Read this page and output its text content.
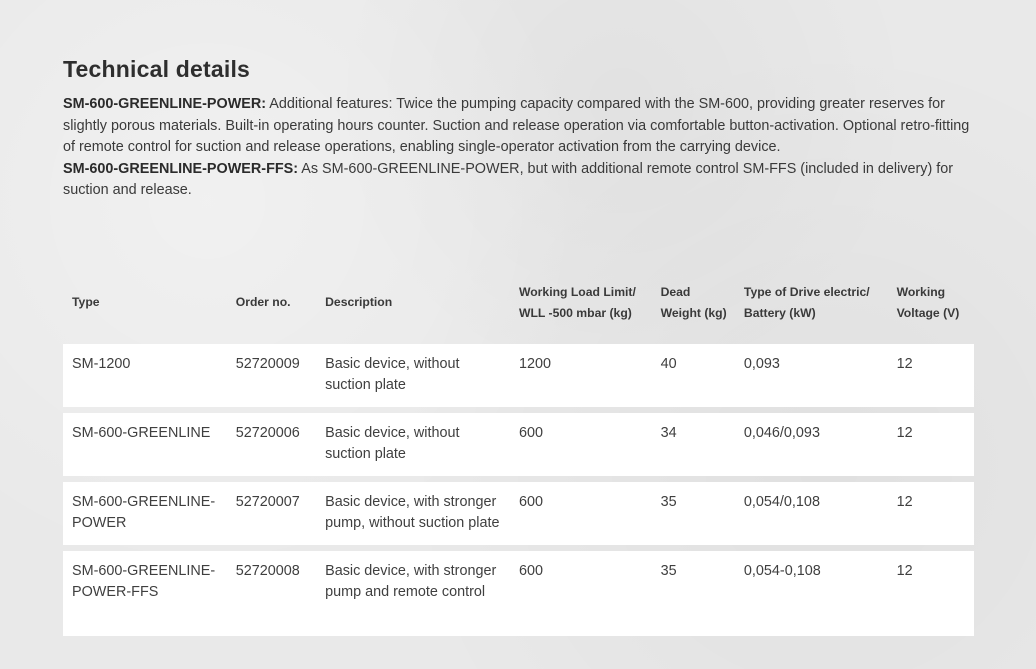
Technical details

SM-600-GREENLINE-POWER: Additional features: Twice the pumping capacity compared with the SM-600, providing greater reserves for slightly porous materials. Built-in operating hours counter. Suction and release operation via comfortable button-activation. Optional retro-fitting of remote control for suction and release operations, enabling single-operator activation from the carrying device.

SM-600-GREENLINE-POWER-FFS: As SM-600-GREENLINE-POWER, but with additional remote control SM-FFS (included in delivery) for suction and release.

Type	Order no.	Description	Working Load Limit/ WLL -500 mbar (kg)	Dead Weight (kg)	Type of Drive electric/ Battery (kW)	Working Voltage (V)
SM-1200	52720009	Basic device, without suction plate	1200	40	0,093	12
SM-600-GREENLINE	52720006	Basic device, without suction plate	600	34	0,046/0,093	12
SM-600-GREENLINE-POWER	52720007	Basic device, with stronger pump, without suction plate	600	35	0,054/0,108	12
SM-600-GREENLINE-POWER-FFS	52720008	Basic device, with stronger pump and remote control	600	35	0,054-0,108	12
